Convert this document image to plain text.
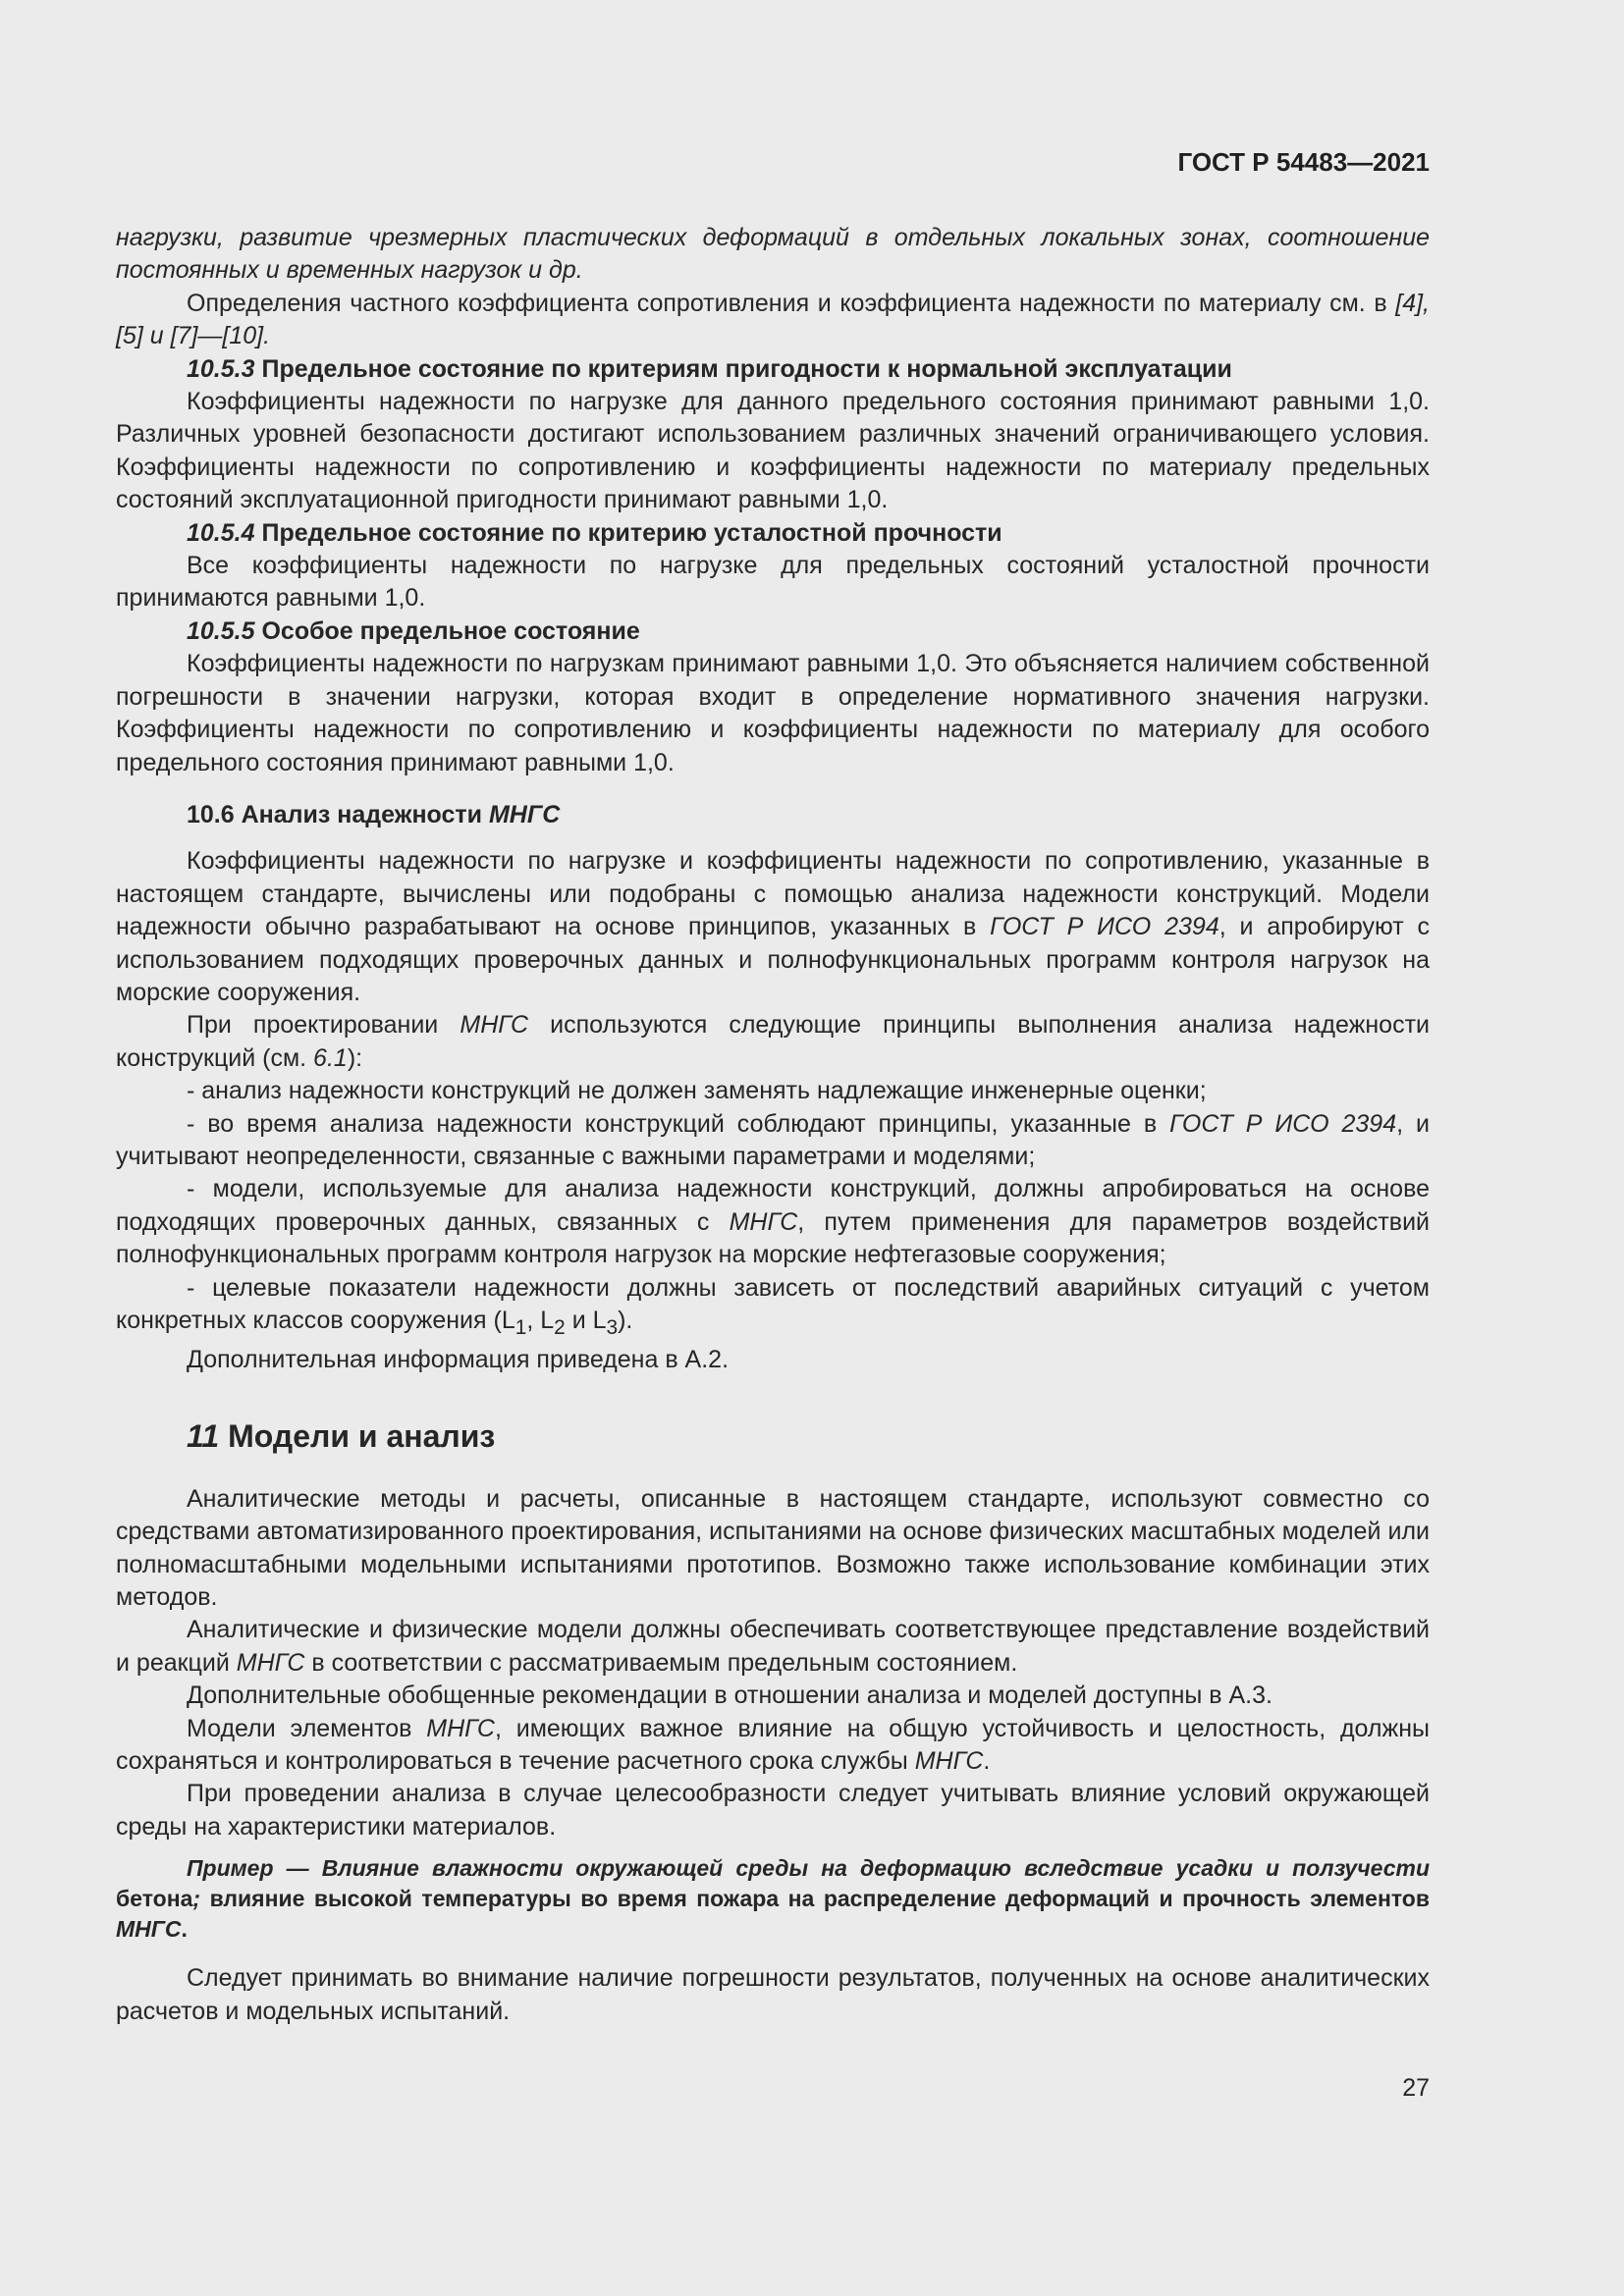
ГОСТ Р 54483—2021

нагрузки, развитие чрезмерных пластических деформаций в отдельных локальных зонах, соотношение постоянных и временных нагрузок и др.

Определения частного коэффициента сопротивления и коэффициента надежности по материалу см. в [4], [5] и [7]—[10].

10.5.3 Предельное состояние по критериям пригодности к нормальной эксплуатации

Коэффициенты надежности по нагрузке для данного предельного состояния принимают равными 1,0. Различных уровней безопасности достигают использованием различных значений ограничивающего условия. Коэффициенты надежности по сопротивлению и коэффициенты надежности по материалу предельных состояний эксплуатационной пригодности принимают равными 1,0.

10.5.4 Предельное состояние по критерию усталостной прочности

Все коэффициенты надежности по нагрузке для предельных состояний усталостной прочности принимаются равными 1,0.

10.5.5 Особое предельное состояние

Коэффициенты надежности по нагрузкам принимают равными 1,0. Это объясняется наличием собственной погрешности в значении нагрузки, которая входит в определение нормативного значения нагрузки. Коэффициенты надежности по сопротивлению и коэффициенты надежности по материалу для особого предельного состояния принимают равными 1,0.

10.6 Анализ надежности МНГС

Коэффициенты надежности по нагрузке и коэффициенты надежности по сопротивлению, указанные в настоящем стандарте, вычислены или подобраны с помощью анализа надежности конструкций. Модели надежности обычно разрабатывают на основе принципов, указанных в ГОСТ Р ИСО 2394, и апробируют с использованием подходящих проверочных данных и полнофункциональных программ контроля нагрузок на морские сооружения.

При проектировании МНГС используются следующие принципы выполнения анализа надежности конструкций (см. 6.1):

- анализ надежности конструкций не должен заменять надлежащие инженерные оценки;

- во время анализа надежности конструкций соблюдают принципы, указанные в ГОСТ Р ИСО 2394, и учитывают неопределенности, связанные с важными параметрами и моделями;

- модели, используемые для анализа надежности конструкций, должны апробироваться на основе подходящих проверочных данных, связанных с МНГС, путем применения для параметров воздействий полнофункциональных программ контроля нагрузок на морские нефтегазовые сооружения;

- целевые показатели надежности должны зависеть от последствий аварийных ситуаций с учетом конкретных классов сооружения ($L_1$, $L_2$ и $L_3$).

Дополнительная информация приведена в А.2.

11 Модели и анализ

Аналитические методы и расчеты, описанные в настоящем стандарте, используют совместно со средствами автоматизированного проектирования, испытаниями на основе физических масштабных моделей или полномасштабными модельными испытаниями прототипов. Возможно также использование комбинации этих методов.

Аналитические и физические модели должны обеспечивать соответствующее представление воздействий и реакций МНГС в соответствии с рассматриваемым предельным состоянием.

Дополнительные обобщенные рекомендации в отношении анализа и моделей доступны в А.3.

Модели элементов МНГС, имеющих важное влияние на общую устойчивость и целостность, должны сохраняться и контролироваться в течение расчетного срока службы МНГС.

При проведении анализа в случае целесообразности следует учитывать влияние условий окружающей среды на характеристики материалов.

Пример — Влияние влажности окружающей среды на деформацию вследствие усадки и ползучести бетона; влияние высокой температуры во время пожара на распределение деформаций и прочность элементов МНГС.

Следует принимать во внимание наличие погрешности результатов, полученных на основе аналитических расчетов и модельных испытаний.

27
